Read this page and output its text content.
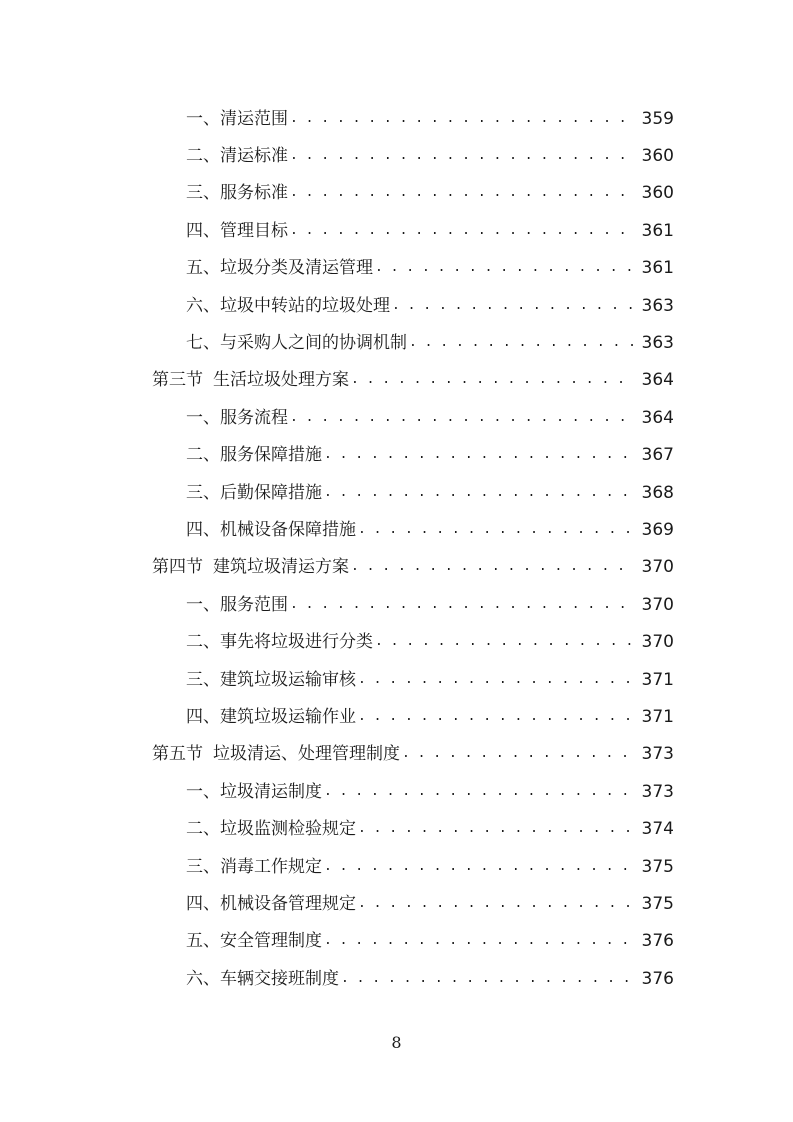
一、清运范围 . . .	359
二、清运标准 . . .	360
三、服务标准 . . .	360
四、管理目标 . . .	361
五、垃圾分类及清运管理 . . .	361
六、垃圾中转站的垃圾处理 . . .	363
七、与采购人之间的协调机制 . . .	363
第三节 生活垃圾处理方案 . . .	364
一、服务流程 . . .	364
二、服务保障措施 . . .	367
三、后勤保障措施 . . .	368
四、机械设备保障措施 . . .	369
第四节 建筑垃圾清运方案 . . .	370
一、服务范围 . . .	370
二、事先将垃圾进行分类 . . .	370
三、建筑垃圾运输审核 . . .	371
四、建筑垃圾运输作业 . . .	371
第五节 垃圾清运、处理管理制度 . . .	373
一、垃圾清运制度 . . .	373
二、垃圾监测检验规定 . . .	374
三、消毒工作规定 . . .	375
四、机械设备管理规定 . . .	375
五、安全管理制度 . . .	376
六、车辆交接班制度 . . .	376
8
